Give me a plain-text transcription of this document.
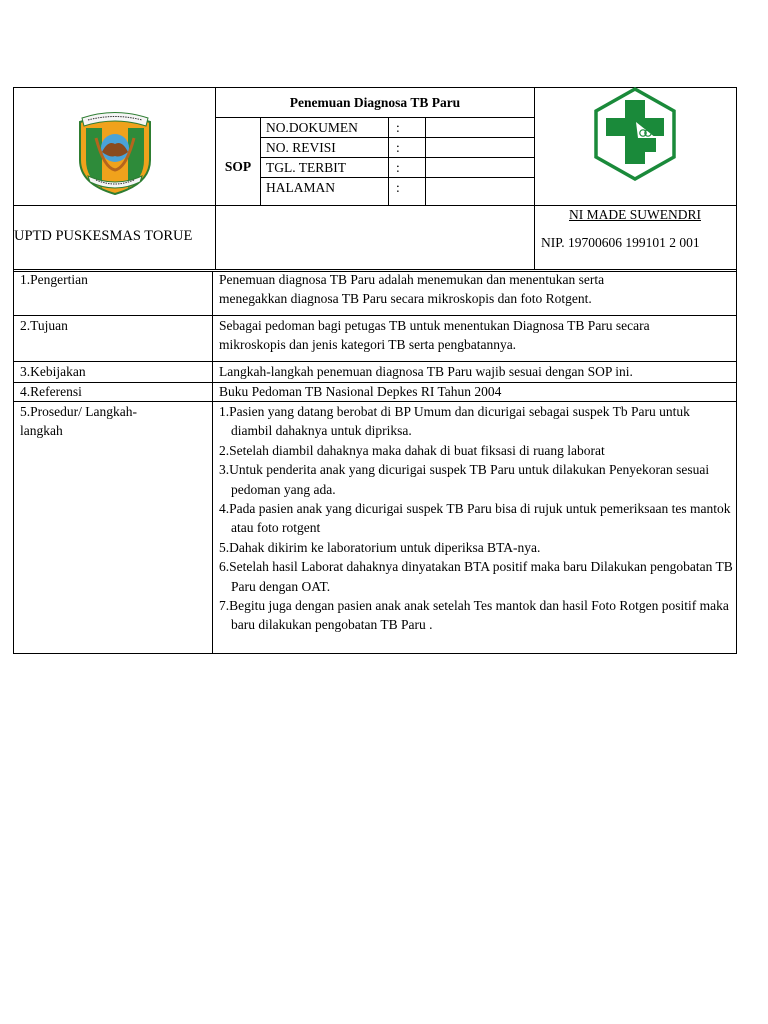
Penemuan Diagnosa TB Paru
SOP
NO.DOKUMEN	:
NO. REVISI	:
TGL. TERBIT	:
HALAMAN	:
UPTD PUSKESMAS TORUE
NI MADE SUWENDRI
NIP. 19700606 199101 2 001
1.Pengertian	Penemuan diagnosa TB Paru adalah menemukan dan menentukan serta
menegakkan diagnosa TB Paru secara mikroskopis dan foto Rotgent.
2.Tujuan	Sebagai pedoman bagi petugas TB untuk menentukan Diagnosa TB Paru secara
mikroskopis dan jenis kategori TB serta pengbatannya.
3.Kebijakan	Langkah-langkah penemuan diagnosa TB Paru wajib sesuai dengan SOP ini.
4.Referensi	Buku Pedoman TB Nasional Depkes RI Tahun 2004
5.Prosedur/ Langkah-
langkah
1.Pasien yang datang berobat di BP Umum dan dicurigai sebagai suspek Tb Paru untuk diambil dahaknya untuk dipriksa.
2.Setelah diambil dahaknya maka dahak di buat fiksasi di ruang laborat
3.Untuk penderita anak yang dicurigai suspek TB Paru untuk dilakukan Penyekoran sesuai pedoman yang ada.
4.Pada pasien anak yang dicurigai suspek TB Paru bisa di rujuk untuk pemeriksaan tes mantok atau foto rotgent
5.Dahak dikirim ke laboratorium untuk diperiksa BTA-nya.
6.Setelah hasil Laborat dahaknya dinyatakan BTA positif maka baru Dilakukan pengobatan TB Paru dengan OAT.
7.Begitu juga dengan pasien anak anak setelah Tes mantok dan hasil Foto Rotgen positif maka baru dilakukan pengobatan TB Paru .
